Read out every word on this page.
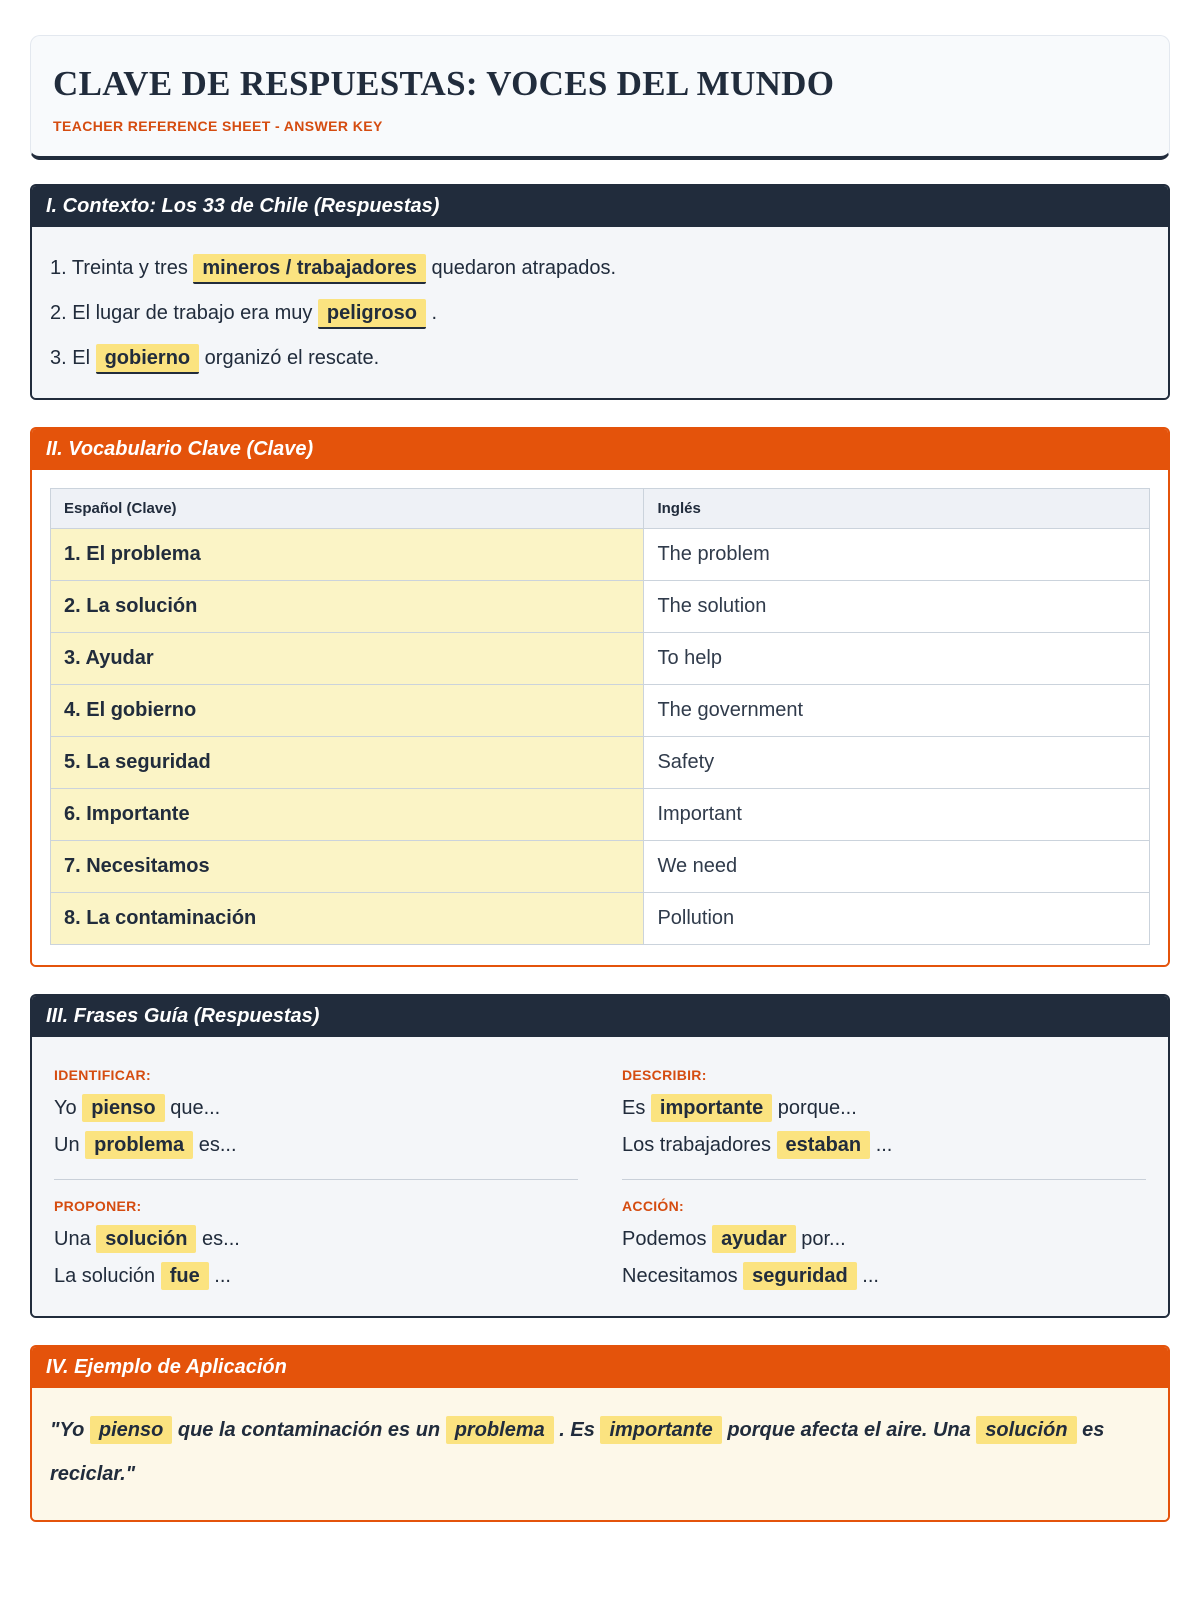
CLAVE DE RESPUESTAS: VOCES DEL MUNDO
TEACHER REFERENCE SHEET - ANSWER KEY
I. Contexto: Los 33 de Chile (Respuestas)

1. Treinta y tres mineros / trabajadores quedaron atrapados.

2. El lugar de trabajo era muy peligroso .

3. El gobierno organizó el rescate.

II. Vocabulario Clave (Clave)
Español (Clave)	Inglés
1. El problema	The problem
2. La solución	The solution
3. Ayudar	To help
4. El gobierno	The government
5. La seguridad	Safety
6. Importante	Important
7. Necesitamos	We need
8. La contaminación	Pollution
III. Frases Guía (Respuestas)
IDENTIFICAR:

Yo pienso que...

Un problema es...

DESCRIBIR:

Es importante porque...

Los trabajadores estaban ...

PROPONER:

Una solución es...

La solución fue ...

ACCIÓN:

Podemos ayudar por...

Necesitamos seguridad ...

IV. Ejemplo de Aplicación

"Yo pienso que la contaminación es un problema . Es importante porque afecta el aire. Una solución es reciclar."
